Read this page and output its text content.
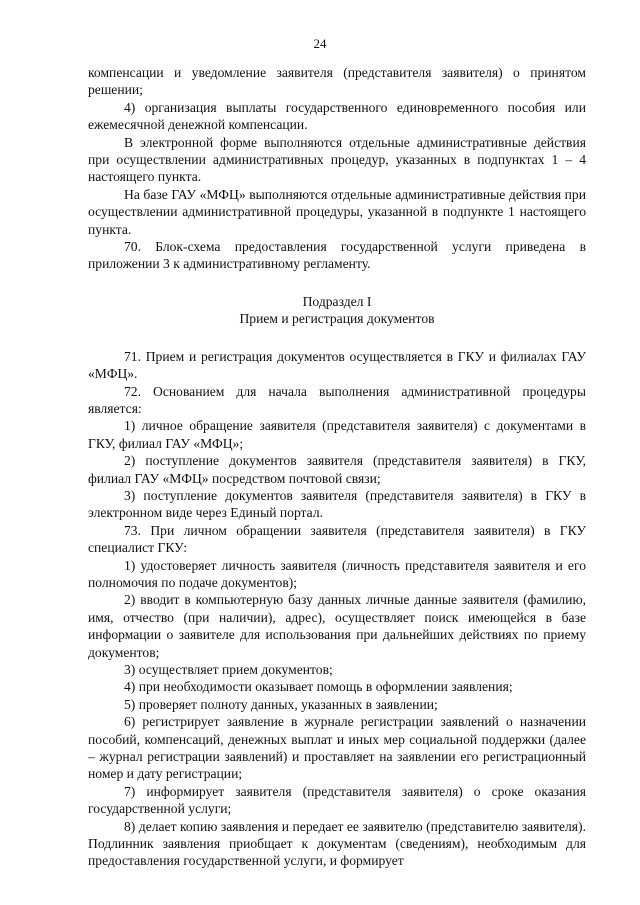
24

компенсации и уведомление заявителя (представителя заявителя) о принятом решении;

4) организация выплаты государственного единовременного пособия или ежемесячной денежной компенсации.

В электронной форме выполняются отдельные административные действия при осуществлении административных процедур, указанных в подпунктах 1 – 4 настоящего пункта.

На базе ГАУ «МФЦ» выполняются отдельные административные действия при осуществлении административной процедуры, указанной в подпункте 1 настоящего пункта.

70. Блок-схема предоставления государственной услуги приведена в приложении 3 к административному регламенту.

Подраздел I

Прием и регистрация документов

71. Прием и регистрация документов осуществляется в ГКУ и филиалах ГАУ «МФЦ».

72. Основанием для начала выполнения административной процедуры является:

1) личное обращение заявителя (представителя заявителя) с документами в ГКУ, филиал ГАУ «МФЦ»;

2) поступление документов заявителя (представителя заявителя) в ГКУ, филиал ГАУ «МФЦ» посредством почтовой связи;

3) поступление документов заявителя (представителя заявителя) в ГКУ в электронном виде через Единый портал.

73. При личном обращении заявителя (представителя заявителя) в ГКУ специалист ГКУ:

1) удостоверяет личность заявителя (личность представителя заявителя и его полномочия по подаче документов);

2) вводит в компьютерную базу данных личные данные заявителя (фамилию, имя, отчество (при наличии), адрес), осуществляет поиск имеющейся в базе информации о заявителе для использования при дальнейших действиях по приему документов;

3) осуществляет прием документов;

4) при необходимости оказывает помощь в оформлении заявления;

5) проверяет полноту данных, указанных в заявлении;

6) регистрирует заявление в журнале регистрации заявлений о назначении пособий, компенсаций, денежных выплат и иных мер социальной поддержки (далее – журнал регистрации заявлений) и проставляет на заявлении его регистрационный номер и дату регистрации;

7) информирует заявителя (представителя заявителя) о сроке оказания государственной услуги;

8) делает копию заявления и передает ее заявителю (представителю заявителя). Подлинник заявления приобщает к документам (сведениям), необходимым для предоставления государственной услуги, и формирует
